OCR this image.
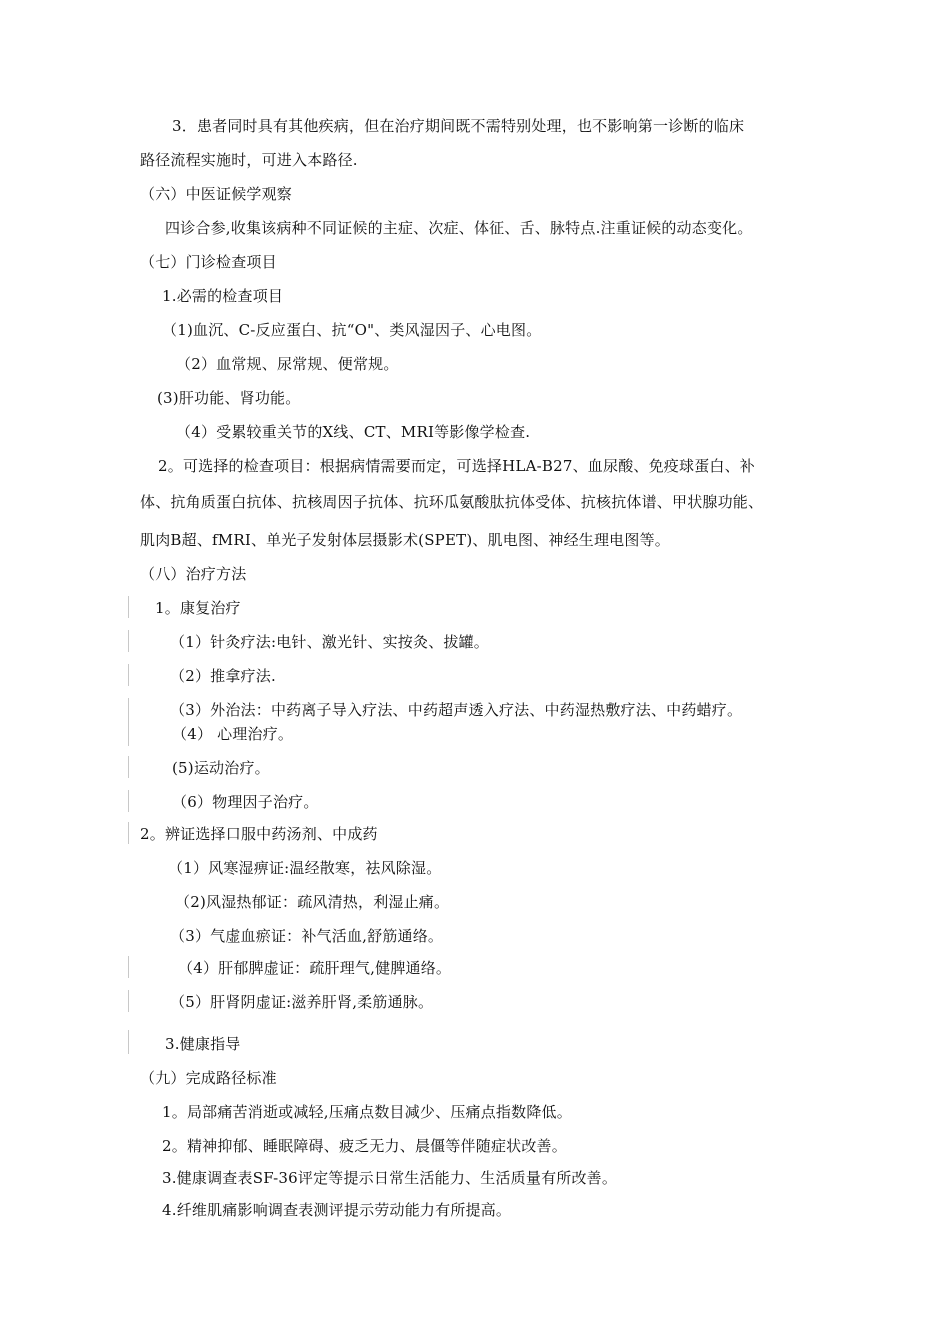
3．患者同时具有其他疾病，但在治疗期间既不需特别处理，也不影响第一诊断的临床
路径流程实施时，可进入本路径.
（六）中医证候学观察
四诊合参,收集该病种不同证候的主症、次症、体征、舌、脉特点.注重证候的动态变化。
（七）门诊检查项目
1.必需的检查项目
（1)血沉、C-反应蛋白、抗“O"、类风湿因子、心电图。
（2）血常规、尿常规、便常规。
(3)肝功能、肾功能。
（4）受累较重关节的X线、CT、MRI等影像学检查.
2。可选择的检查项目：根据病情需要而定，可选择HLA-B27、血尿酸、免疫球蛋白、补
体、抗角质蛋白抗体、抗核周因子抗体、抗环瓜氨酸肽抗体受体、抗核抗体谱、甲状腺功能、
肌肉B超、fMRI、单光子发射体层摄影术(SPET)、肌电图、神经生理电图等。
（八）治疗方法
1。康复治疗
（1）针灸疗法:电针、激光针、实按灸、拔罐。
（2）推拿疗法.
（3）外治法：中药离子导入疗法、中药超声透入疗法、中药湿热敷疗法、中药蜡疗。
（4） 心理治疗。
(5)运动治疗。
（6）物理因子治疗。
2。辨证选择口服中药汤剂、中成药
（1）风寒湿痹证:温经散寒，祛风除湿。
（2)风湿热郁证：疏风清热，利湿止痛。
（3）气虚血瘀证：补气活血,舒筋通络。
（4）肝郁脾虚证：疏肝理气,健脾通络。
（5）肝肾阴虚证:滋养肝肾,柔筋通脉。
3.健康指导
（九）完成路径标准
1。局部痛苦消逝或减轻,压痛点数目减少、压痛点指数降低。
2。精神抑郁、睡眠障碍、疲乏无力、晨僵等伴随症状改善。
3.健康调查表SF-36评定等提示日常生活能力、生活质量有所改善。
4.纤维肌痛影响调查表测评提示劳动能力有所提高。
